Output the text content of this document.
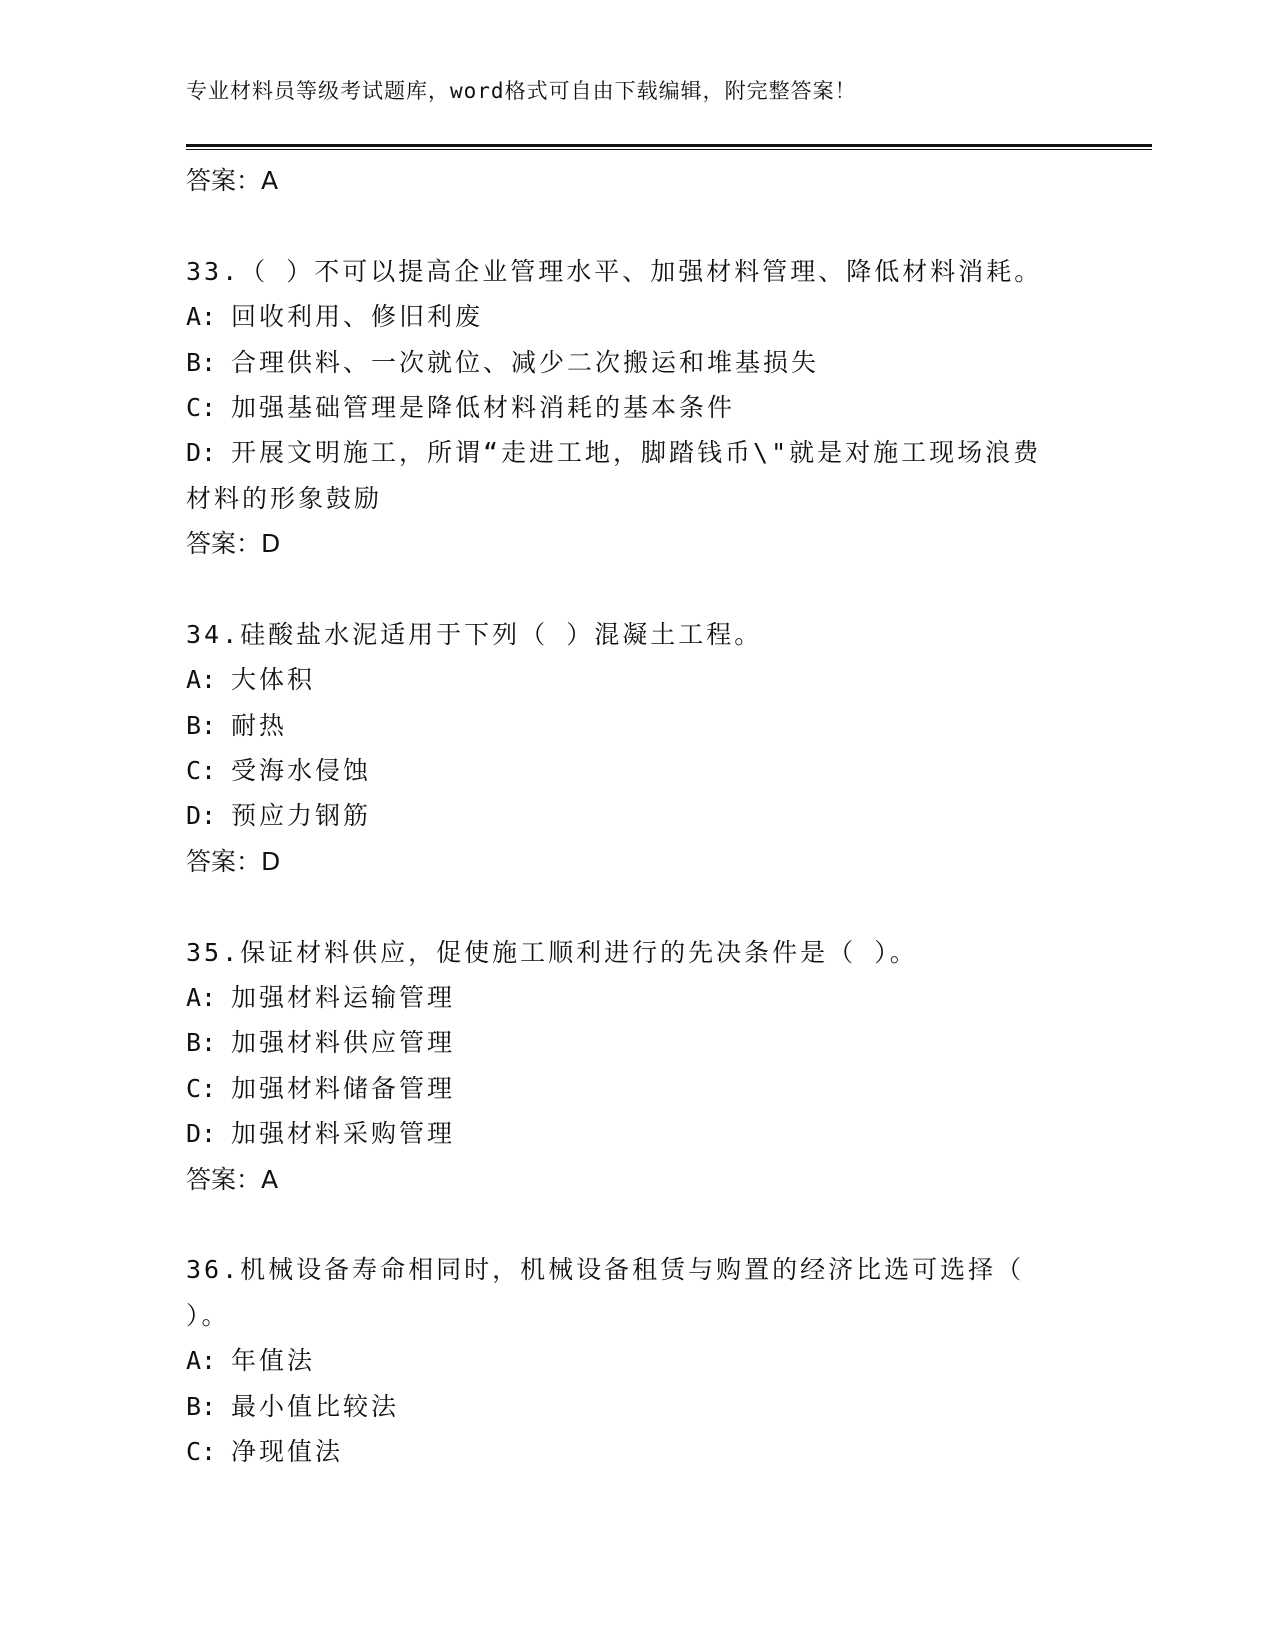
专业材料员等级考试题库，word格式可自由下载编辑，附完整答案！
答案：A
33.（ ）不可以提高企业管理水平、加强材料管理、降低材料消耗。
A: 回收利用、修旧利废
B: 合理供料、一次就位、减少二次搬运和堆基损失
C: 加强基础管理是降低材料消耗的基本条件
D: 开展文明施工，所谓“走进工地，脚踏钱币\"就是对施工现场浪费
材料的形象鼓励
答案：D
34.硅酸盐水泥适用于下列（ ）混凝土工程。
A: 大体积
B: 耐热
C: 受海水侵蚀
D: 预应力钢筋
答案：D
35.保证材料供应，促使施工顺利进行的先决条件是（ ）。
A: 加强材料运输管理
B: 加强材料供应管理
C: 加强材料储备管理
D: 加强材料采购管理
答案：A
36.机械设备寿命相同时，机械设备租赁与购置的经济比选可选择（
）。
A: 年值法
B: 最小值比较法
C: 净现值法
